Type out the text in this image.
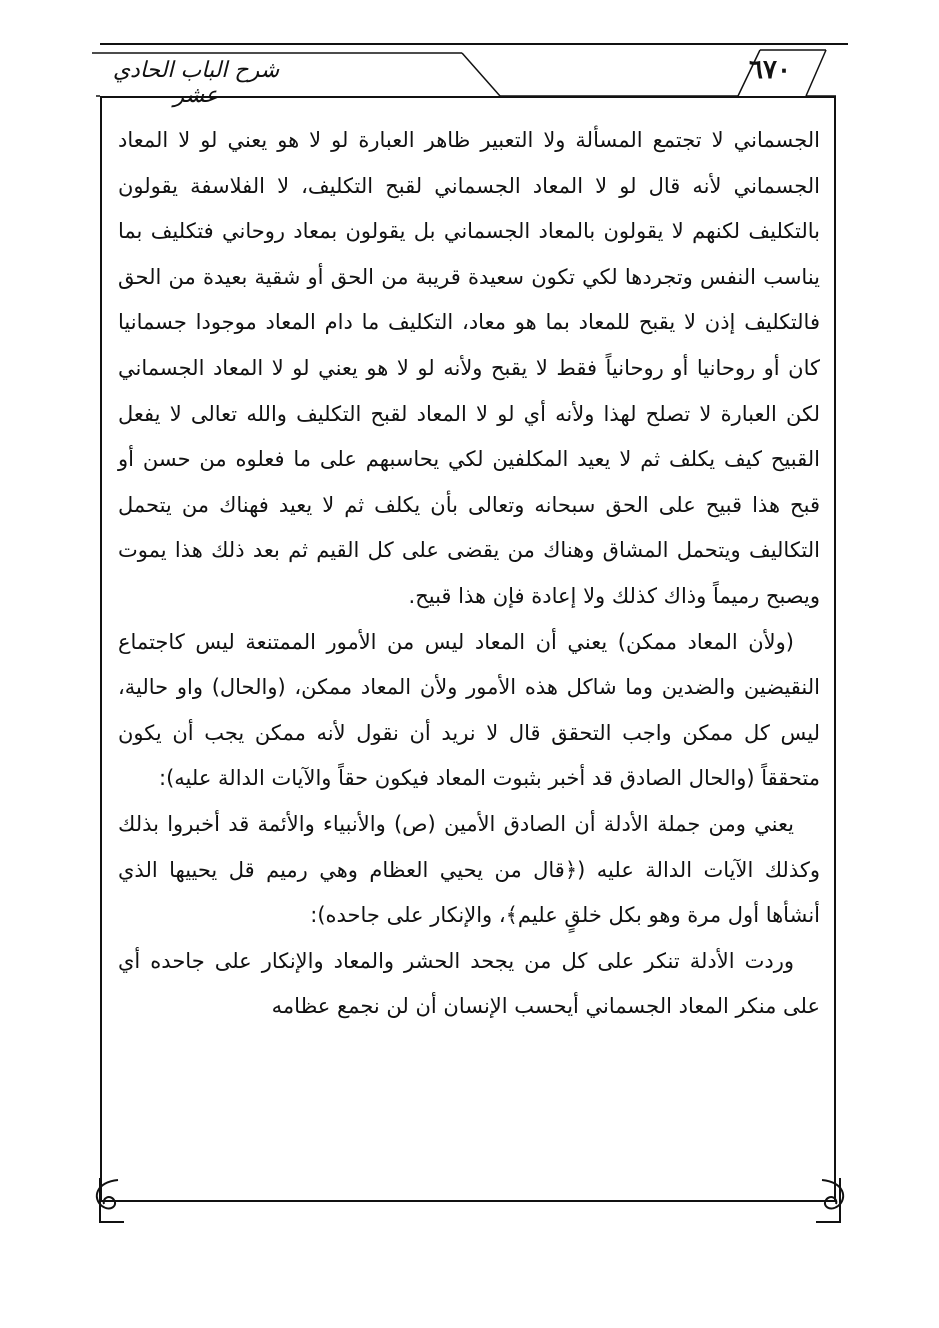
شرح الباب الحادي عشر
٦٧٠

الجسماني لا تجتمع المسألة ولا التعبير ظاهر العبارة لو لا هو يعني لو لا المعاد الجسماني لأنه قال لو لا المعاد الجسماني لقبح التكليف، لا الفلاسفة يقولون بالتكليف لكنهم لا يقولون بالمعاد الجسماني بل يقولون بمعاد روحاني فتكليف بما يناسب النفس وتجردها لكي تكون سعيدة قريبة من الحق أو شقية بعيدة من الحق فالتكليف إذن لا يقبح للمعاد بما هو معاد، التكليف ما دام المعاد موجودا جسمانيا كان أو روحانيا أو روحانياً فقط لا يقبح ولأنه لو لا هو يعني لو لا المعاد الجسماني لكن العبارة لا تصلح لهذا ولأنه أي لو لا المعاد لقبح التكليف والله تعالى لا يفعل القبيح كيف يكلف ثم لا يعيد المكلفين لكي يحاسبهم على ما فعلوه من حسن أو قبح هذا قبيح على الحق سبحانه وتعالى بأن يكلف ثم لا يعيد فهناك من يتحمل التكاليف ويتحمل المشاق وهناك من يقضى على كل القيم ثم بعد ذلك هذا يموت ويصبح رميماً وذاك كذلك ولا إعادة فإن هذا قبيح.

(ولأن المعاد ممكن) يعني أن المعاد ليس من الأمور الممتنعة ليس كاجتماع النقيضين والضدين وما شاكل هذه الأمور ولأن المعاد ممكن، (والحال) واو حالية، ليس كل ممكن واجب التحقق قال لا نريد أن نقول لأنه ممكن يجب أن يكون متحققاً (والحال الصادق قد أخبر بثبوت المعاد فيكون حقاً والآيات الدالة عليه):

يعني ومن جملة الأدلة أن الصادق الأمين (ص) والأنبياء والأئمة قد أخبروا بذلك وكذلك الآيات الدالة عليه (﴿قال من يحيي العظام وهي رميم قل يحييها الذي أنشأها أول مرة وهو بكل خلقٍ عليم﴾، والإنكار على جاحده):

وردت الأدلة تنكر على كل من يجحد الحشر والمعاد والإنكار على جاحده أي على منكر المعاد الجسماني أيحسب الإنسان أن لن نجمع عظامه
